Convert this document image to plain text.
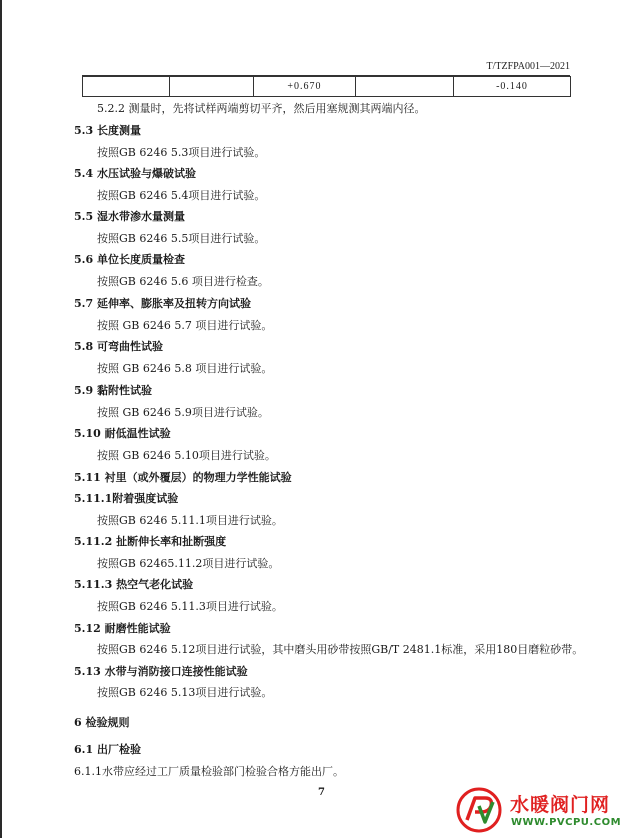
T/TZFPA001—2021
		+0.670		-0.140
5.2.2 测量时，先将试样两端剪切平齐，然后用塞规测其两端内径。
5.3 长度测量
按照GB 6246 5.3项目进行试验。
5.4 水压试验与爆破试验
按照GB 6246 5.4项目进行试验。
5.5 湿水带渗水量测量
按照GB 6246 5.5项目进行试验。
5.6 单位长度质量检查
按照GB 6246 5.6 项目进行检查。
5.7 延伸率、膨胀率及扭转方向试验
按照 GB 6246 5.7 项目进行试验。
5.8 可弯曲性试验
按照 GB 6246 5.8 项目进行试验。
5.9 黏附性试验
按照 GB 6246 5.9项目进行试验。
5.10 耐低温性试验
按照 GB 6246 5.10项目进行试验。
5.11 衬里（或外覆层）的物理力学性能试验
5.11.1附着强度试验
按照GB 6246 5.11.1项目进行试验。
5.11.2 扯断伸长率和扯断强度
按照GB 62465.11.2项目进行试验。
5.11.3 热空气老化试验
按照GB 6246 5.11.3项目进行试验。
5.12 耐磨性能试验
按照GB 6246 5.12项目进行试验，其中磨头用砂带按照GB/T 2481.1标准，采用180目磨粒砂带。
5.13 水带与消防接口连接性能试验
按照GB 6246 5.13项目进行试验。
6 检验规则
6.1 出厂检验
6.1.1水带应经过工厂质量检验部门检验合格方能出厂。
7
水暖阀门网
WWW.PVCPU.COM
